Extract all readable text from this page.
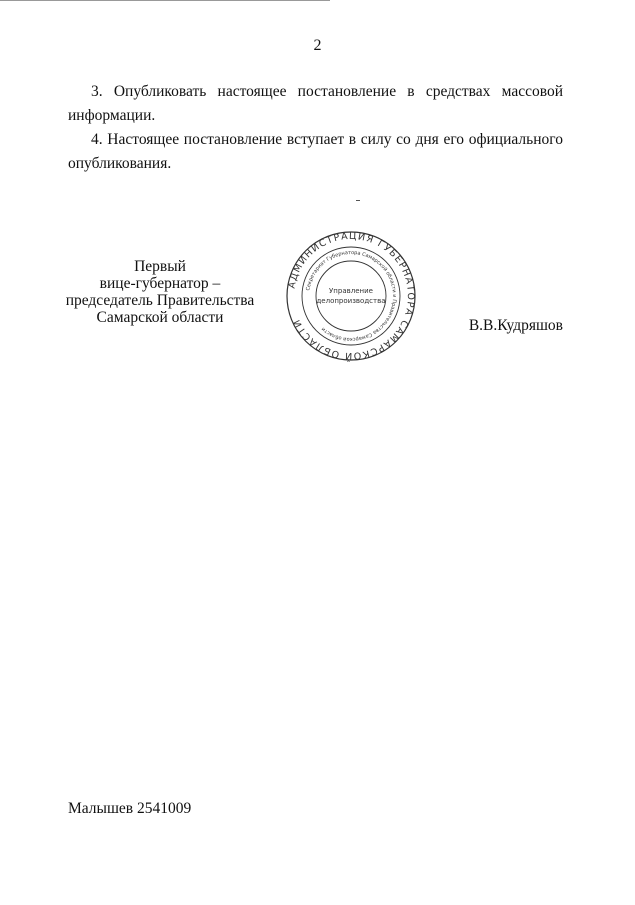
2

3. Опубликовать настоящее постановление в средствах массовой информации.

4. Настоящее постановление вступает в силу со дня его официального опубликования.

Первый
вице-губернатор –
председатель Правительства
Самарской области
АДМИНИСТРАЦИЯ ГУБЕРНАТОРА САМАРСКОЙ ОБЛАСТИ
Секретариат Губернатора Самарской области и Правительства Самарской области
Управление
делопроизводства
В.В.Кудряшов
Малышев 2541009
